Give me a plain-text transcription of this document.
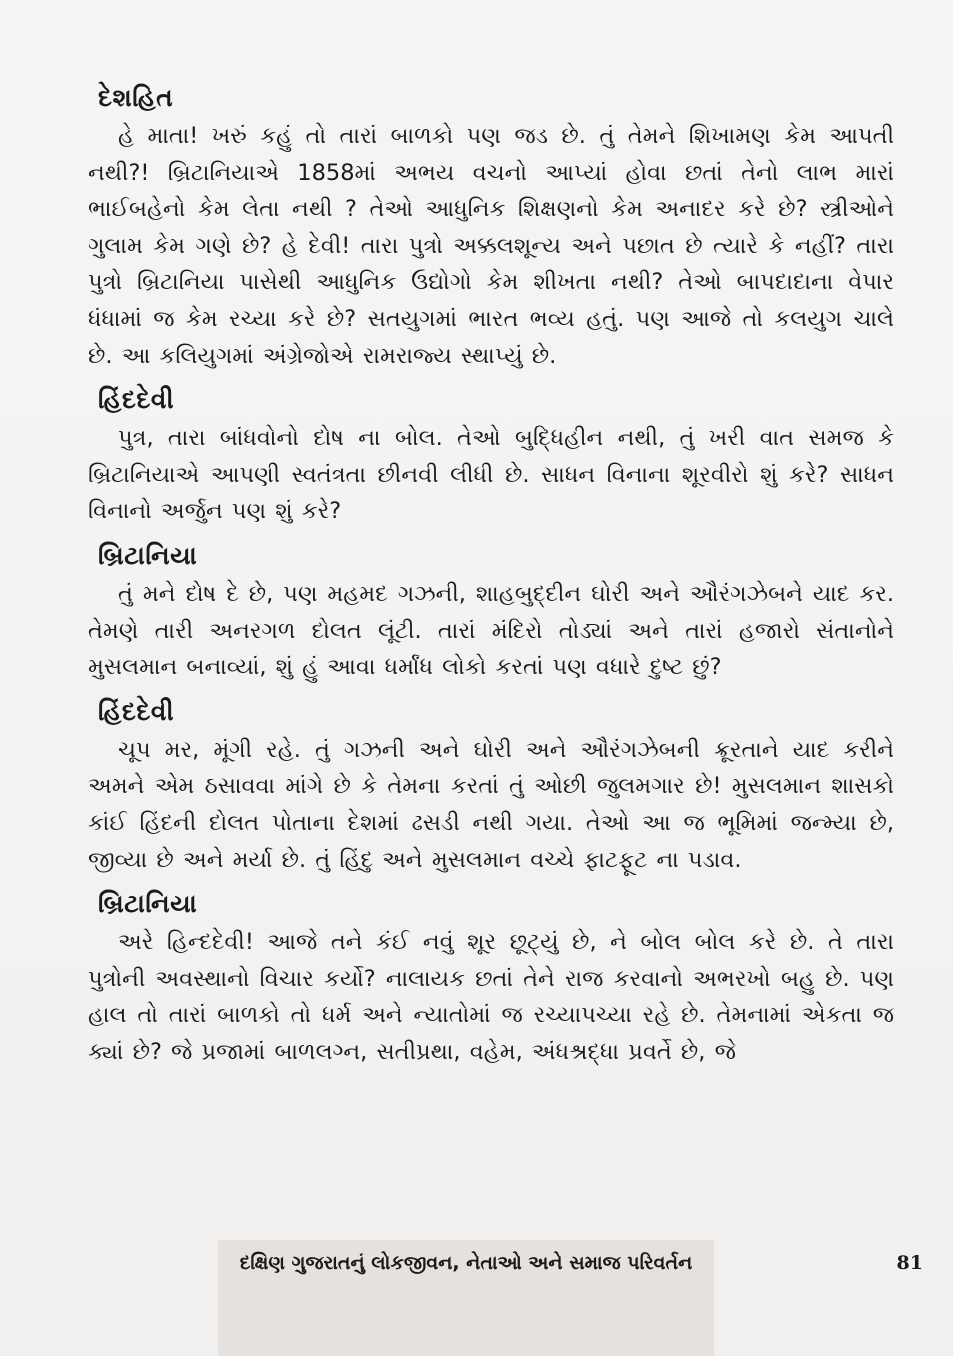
દેશહિત

હે માતા! ખરું કહું તો તારાં બાળકો પણ જડ છે. તું તેમને શિખામણ કેમ આપતી નથી?! બ્રિટાનિયાએ 1858માં અભય વચનો આપ્યાં હોવા છતાં તેનો લાભ મારાં ભાઈબહેનો કેમ લેતા નથી ? તેઓ આધુનિક શિક્ષણનો કેમ અનાદર કરે છે? સ્ત્રીઓને ગુલામ કેમ ગણે છે? હે દેવી! તારા પુત્રો અક્કલશૂન્ય અને પછાત છે ત્યારે કે નહીં? તારા પુત્રો બ્રિટાનિયા પાસેથી આધુનિક ઉદ્યોગો કેમ શીખતા નથી? તેઓ બાપદાદાના વેપાર ધંધામાં જ કેમ રચ્યા કરે છે? સતયુગમાં ભારત ભવ્ય હતું. પણ આજે તો કલયુગ ચાલે છે. આ કલિયુગમાં અંગ્રેજોએ રામરાજ્ય સ્થાપ્યું છે.

હિંદદેવી

પુત્ર, તારા બાંધવોનો દોષ ના બોલ. તેઓ બુદ્ધિહીન નથી, તું ખરી વાત સમજ કે બ્રિટાનિયાએ આપણી સ્વતંત્રતા છીનવી લીધી છે. સાધન વિનાના શૂરવીરો શું કરે? સાધન વિનાનો અર્જુન પણ શું કરે?

બ્રિટાનિયા

તું મને દોષ દે છે, પણ મહમદ ગઝની, શાહબુદ્દીન ઘોરી અને ઔરંગઝેબને યાદ કર. તેમણે તારી અનરગળ દોલત લૂંટી. તારાં મંદિરો તોડ્યાં અને તારાં હજારો સંતાનોને મુસલમાન બનાવ્યાં, શું હું આવા ધર્માંધ લોકો કરતાં પણ વધારે દુષ્ટ છું?

હિંદદેવી

ચૂપ મર, મૂંગી રહે. તું ગઝની અને ઘોરી અને ઔરંગઝેબની ક્રૂરતાને યાદ કરીને અમને એમ ઠસાવવા માંગે છે કે તેમના કરતાં તું ઓછી જુલમગાર છે! મુસલમાન શાસકો કાંઈ હિંદની દોલત પોતાના દેશમાં ઢસડી નથી ગયા. તેઓ આ જ ભૂમિમાં જન્મ્યા છે, જીવ્યા છે અને મર્યા છે. તું હિંદુ અને મુસલમાન વચ્ચે ફાટફૂટ ના પડાવ.

બ્રિટાનિયા

અરે હિન્દદેવી! આજે તને કંઈ નવું શૂર છૂટ્યું છે, ને બોલ બોલ કરે છે. તે તારા પુત્રોની અવસ્થાનો વિચાર કર્યો? નાલાયક છતાં તેને રાજ કરવાનો અભરખો બહુ છે. પણ હાલ તો તારાં બાળકો તો ધર્મ અને ન્યાતોમાં જ રચ્યાપચ્યા રહે છે. તેમનામાં એકતા જ ક્યાં છે? જે પ્રજામાં બાળલગ્ન, સતીપ્રથા, વહેમ, અંધશ્રદ્ધા પ્રવર્તે છે, જે

દક્ષિણ ગુજરાતનું લોકજીવન, નેતાઓ અને સમાજ પરિવર્તન	81
